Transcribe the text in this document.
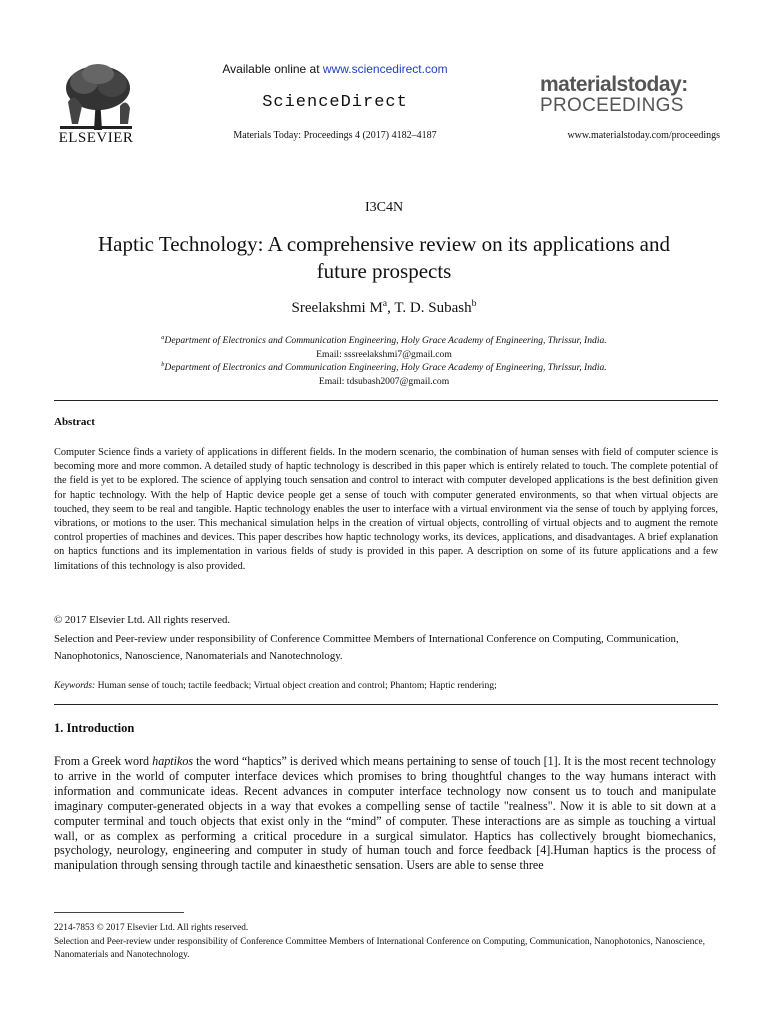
ELSEVIER
Available online at www.sciencedirect.com
ScienceDirect
Materials Today: Proceedings 4 (2017) 4182–4187
materialstoday:
PROCEEDINGS
www.materialstoday.com/proceedings
I3C4N
Haptic Technology: A comprehensive review on its applications and
future prospects
Sreelakshmi $M^a$, T. D. Subash$^b$
$^a$Department of Electronics and Communication Engineering, Holy Grace Academy of Engineering, Thrissur, India.
Email: sssreelakshmi7@gmail.com
$^b$Department of Electronics and Communication Engineering, Holy Grace Academy of Engineering, Thrissur, India.
Email: tdsubash2007@gmail.com
Abstract
Computer Science finds a variety of applications in different fields. In the modern scenario, the combination of human senses with field of computer science is becoming more and more common. A detailed study of haptic technology is described in this paper which is entirely related to touch. The complete potential of the field is yet to be explored. The science of applying touch sensation and control to interact with computer developed applications is the best definition given for haptic technology. With the help of Haptic device people get a sense of touch with computer generated environments, so that when virtual objects are touched, they seem to be real and tangible. Haptic technology enables the user to interface with a virtual environment via the sense of touch by applying forces, vibrations, or motions to the user. This mechanical simulation helps in the creation of virtual objects, controlling of virtual objects and to augment the remote control properties of machines and devices. This paper describes how haptic technology works, its devices, applications, and disadvantages. A brief explanation on haptics functions and its implementation in various fields of study is provided in this paper. A description on some of its future applications and a few limitations of this technology is also provided.
© 2017 Elsevier Ltd. All rights reserved.
Selection and Peer-review under responsibility of Conference Committee Members of International Conference on Computing, Communication, Nanophotonics, Nanoscience, Nanomaterials and Nanotechnology.
Keywords: Human sense of touch; tactile feedback; Virtual object creation and control; Phantom; Haptic rendering;
1. Introduction
From a Greek word haptikos the word “haptics” is derived which means pertaining to sense of touch [1]. It is the most recent technology to arrive in the world of computer interface devices which promises to bring thoughtful changes to the way humans interact with information and communicate ideas. Recent advances in computer interface technology now consent us to touch and manipulate imaginary computer-generated objects in a way that evokes a compelling sense of tactile "realness". Now it is able to sit down at a computer terminal and touch objects that exist only in the “mind” of computer. These interactions are as simple as touching a virtual wall, or as complex as performing a critical procedure in a surgical simulator. Haptics has collectively brought biomechanics, psychology, neurology, engineering and computer in study of human touch and force feedback [4].Human haptics is the process of manipulation through sensing through tactile and kinaesthetic sensation. Users are able to sense three
2214-7853 © 2017 Elsevier Ltd. All rights reserved.
Selection and Peer-review under responsibility of Conference Committee Members of International Conference on Computing, Communication, Nanophotonics, Nanoscience, Nanomaterials and Nanotechnology.
